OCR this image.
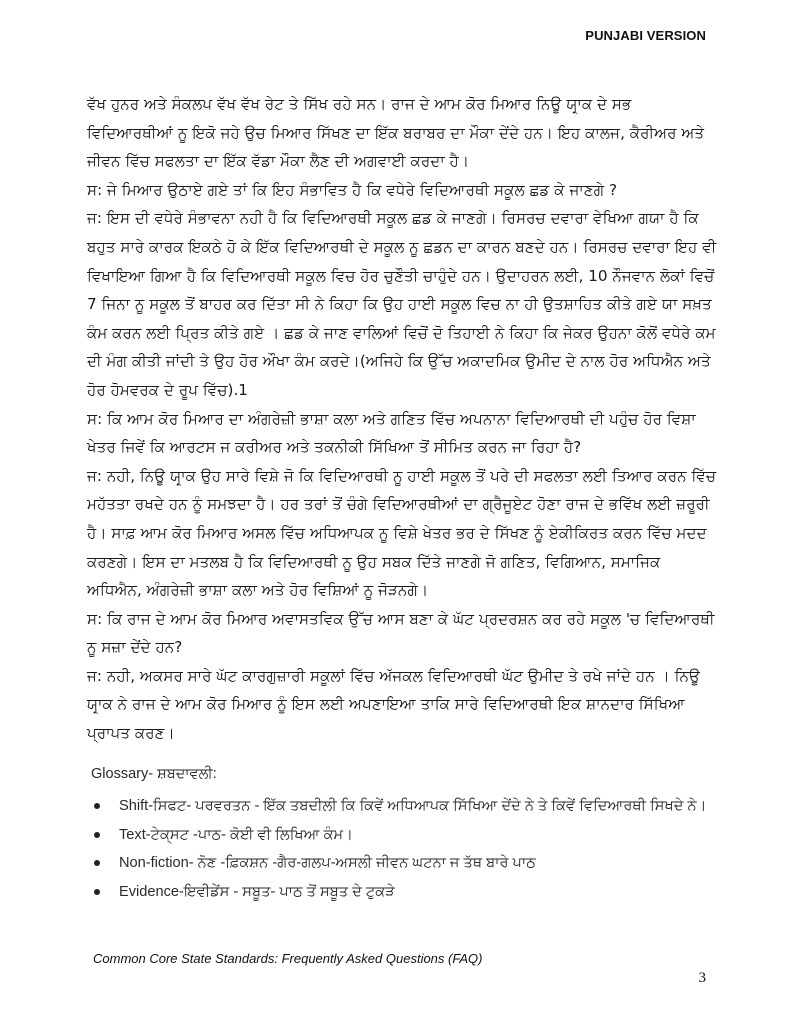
PUNJABI VERSION

ਵੱਖ ਹੁਨਰ ਅਤੇ ਸੰਕਲਪ ਵੱਖ ਵੱਖ ਰੇਟ ਤੇ ਸਿੱਖ ਰਹੇ ਸਨ। ਰਾਜ ਦੇ ਆਮ ਕੋਰ ਮਿਆਰ ਨਿਊ ਯਾਰ੍ਕ ਦੇ ਸਭ ਵਿਦਿਆਰਥੀਆਂ ਨੂ ਇਕੋ ਜਹੇ ਉਚ ਮਿਆਰ ਸਿੱਖਣ ਦਾ ਇੱਕ ਬਰਾਬਰ ਦਾ ਮੌਕਾ ਦੇਂਦੇ ਹਨ। ਇਹ ਕਾਲਜ, ਕੈਰੀਅਰ ਅਤੇ ਜੀਵਨ ਵਿੱਚ ਸਫਲਤਾ ਦਾ ਇੱਕ ਵੱਡਾ ਮੌਕਾ ਲੈਣ ਦੀ ਅਗਵਾਈ ਕਰਦਾ ਹੈ।

ਸ: ਜੇ ਮਿਆਰ ਉਠਾਏ ਗਏ ਤਾਂ ਕਿ ਇਹ ਸੰਭਾਵਿਤ ਹੈ ਕਿ ਵਧੇਰੇ ਵਿਦਿਆਰਥੀ ਸਕੂਲ ਛਡ ਕੇ ਜਾਣਗੇ ?

ਜ: ਇਸ ਦੀ ਵਧੇਰੇ ਸੰਭਾਵਨਾ ਨਹੀ ਹੈ ਕਿ ਵਿਦਿਆਰਥੀ ਸਕੂਲ ਛਡ ਕੇ ਜਾਣਗੇ। ਰਿਸਰਚ ਦਵਾਰਾ ਵੇਖਿਆ ਗਯਾ ਹੈ ਕਿ ਬਹੁਤ ਸਾਰੇ ਕਾਰਕ ਇਕਠੇ ਹੋ ਕੇ ਇੱਕ ਵਿਦਿਆਰਥੀ ਦੇ ਸਕੂਲ ਨੂ ਛਡਨ ਦਾ ਕਾਰਨ ਬਣਦੇ ਹਨ। ਰਿਸਰਚ ਦਵਾਰਾ ਇਹ ਵੀ ਵਿਖਾਇਆ ਗਿਆ ਹੈ ਕਿ ਵਿਦਿਆਰਥੀ ਸਕੂਲ ਵਿਚ ਹੋਰ ਚੁਣੌਤੀ ਚਾਹੁੰਦੇ ਹਨ। ਉਦਾਹਰਨ ਲਈ, 10 ਨੌਜਵਾਨ ਲੋਕਾਂ ਵਿਚੋਂ 7 ਜਿਨਾ ਨੂ ਸਕੂਲ ਤੋਂ ਬਾਹਰ ਕਰ ਦਿੱਤਾ ਸੀ ਨੇ ਕਿਹਾ ਕਿ ਉਹ ਹਾਈ ਸਕੂਲ ਵਿਚ ਨਾ ਹੀ ਉਤਸ਼ਾਹਿਤ ਕੀਤੇ ਗਏ ਯਾ ਸਖ਼ਤ ਕੰਮ ਕਰਨ ਲਈ ਪ੍ਰਿਤ ਕੀਤੇ ਗਏ । ਛਡ ਕੇ ਜਾਣ ਵਾਲਿਆਂ ਵਿਚੋਂ ਦੋ ਤਿਹਾਈ ਨੇ ਕਿਹਾ ਕਿ ਜੇਕਰ ਉਹਨਾ ਕੋਲੋਂ ਵਧੇਰੇ ਕਮ ਦੀ ਮੰਗ ਕੀਤੀ ਜਾਂਦੀ ਤੇ ਉਹ ਹੋਰ ਔਖਾ ਕੰਮ ਕਰਦੇ।(ਅਜਿਹੇ ਕਿ ਉੱਚ ਅਕਾਦਮਿਕ ਉਮੀਦ ਦੇ ਨਾਲ ਹੋਰ ਅਧਿਐਨ ਅਤੇ ਹੋਰ ਹੋਮਵਰਕ ਦੇ ਰੂਪ ਵਿੱਚ).1

ਸ: ਕਿ ਆਮ ਕੋਰ ਮਿਆਰ ਦਾ ਅੰਗਰੇਜ਼ੀ ਭਾਸ਼ਾ ਕਲਾ ਅਤੇ ਗਣਿਤ ਵਿੱਚ ਅਪਨਾਨਾ ਵਿਦਿਆਰਥੀ ਦੀ ਪਹੁੰਚ ਹੋਰ ਵਿਸ਼ਾ ਖੇਤਰ ਜਿਵੇਂ ਕਿ ਆਰਟਸ ਜ ਕਰੀਅਰ ਅਤੇ ਤਕਨੀਕੀ ਸਿੱਖਿਆ ਤੋਂ ਸੀਮਿਤ ਕਰਨ ਜਾ ਰਿਹਾ ਹੈ?

ਜ: ਨਹੀ, ਨਿਊ ਯਾਰ੍ਕ ਉਹ ਸਾਰੇ ਵਿਸ਼ੇ ਜੋ ਕਿ ਵਿਦਿਆਰਥੀ ਨੂ ਹਾਈ ਸਕੂਲ ਤੋਂ ਪਰੇ ਦੀ ਸਫਲਤਾ ਲਈ ਤਿਆਰ ਕਰਨ ਵਿੱਚ ਮਹੱਤਤਾ ਰਖਦੇ ਹਨ ਨੂੰ ਸਮਝਦਾ ਹੈ। ਹਰ ਤਰਾਂ ਤੋਂ ਚੰਗੇ ਵਿਦਿਆਰਥੀਆਂ ਦਾ ਗ੍ਰੈਜੂਏਟ ਹੋਣਾ ਰਾਜ ਦੇ ਭਵਿੱਖ ਲਈ ਜ਼ਰੂਰੀ ਹੈ। ਸਾਫ਼ ਆਮ ਕੋਰ ਮਿਆਰ ਅਸਲ ਵਿੱਚ ਅਧਿਆਪਕ ਨੂ ਵਿਸ਼ੇ ਖੇਤਰ ਭਰ ਦੇ ਸਿੱਖਣ ਨੂੰ ਏਕੀਕਿਰਤ ਕਰਨ ਵਿੱਚ ਮਦਦ ਕਰਣਗੇ। ਇਸ ਦਾ ਮਤਲਬ ਹੈ ਕਿ ਵਿਦਿਆਰਥੀ ਨੂ ਉਹ ਸਬਕ ਦਿੱਤੇ ਜਾਣਗੇ ਜੋ ਗਣਿਤ, ਵਿਗਿਆਨ, ਸਮਾਜਿਕ ਅਧਿਐਨ, ਅੰਗਰੇਜ਼ੀ ਭਾਸ਼ਾ ਕਲਾ ਅਤੇ ਹੋਰ ਵਿਸ਼ਿਆਂ ਨੂ ਜੋੜਨਗੇ।

ਸ: ਕਿ ਰਾਜ ਦੇ ਆਮ ਕੋਰ ਮਿਆਰ ਅਵਾਸਤਵਿਕ ਉੱਚ ਆਸ ਬਣਾ ਕੇ ਘੱਟ ਪ੍ਰਦਰਸ਼ਨ ਕਰ ਰਹੇ ਸਕੂਲ 'ਚ ਵਿਦਿਆਰਥੀ ਨੂ ਸਜ਼ਾ ਦੇਂਦੇ ਹਨ?

ਜ: ਨਹੀ, ਅਕਸਰ ਸਾਰੇ ਘੱਟ ਕਾਰਗੁਜ਼ਾਰੀ ਸਕੂਲਾਂ ਵਿੱਚ ਅੱਜਕਲ ਵਿਦਿਆਰਥੀ ਘੱਟ ਉਮੀਦ ਤੇ ਰਖੇ ਜਾਂਦੇ ਹਨ । ਨਿਊ ਯਾਰ੍ਕ ਨੇ ਰਾਜ ਦੇ ਆਮ ਕੋਰ ਮਿਆਰ ਨੂੰ ਇਸ ਲਈ ਅਪਣਾਇਆ ਤਾਕਿ ਸਾਰੇ ਵਿਦਿਆਰਥੀ ਇਕ ਸ਼ਾਨਦਾਰ ਸਿੱਖਿਆ ਪ੍ਰਾਪਤ ਕਰਣ।

Glossary- ਸ਼ਬਦਾਵਲੀ:

Shift-ਸਿਫਟ- ਪਰਵਰਤਨ - ਇੱਕ ਤਬਦੀਲੀ ਕਿ ਕਿਵੇਂ ਅਧਿਆਪਕ ਸਿੱਖਿਆ ਦੇਂਦੇ ਨੇ ਤੇ ਕਿਵੇਂ ਵਿਦਿਆਰਥੀ ਸਿਖਦੇ ਨੇ।
Text-ਟੇਕ੍ਸਟ -ਪਾਠ- ਕੋਈ ਵੀ ਲਿਖਿਆ ਕੰਮ।
Non-fiction- ਨੋਣ -ਫ਼ਿਕਸ਼ਨ -ਗੈਰ-ਗਲਪ-ਅਸਲੀ ਜੀਵਨ ਘਟਨਾ ਜ ਤੱਥ ਬਾਰੇ ਪਾਠ
Evidence-ਇਵੀਡੇਂਸ - ਸਬੂਤ- ਪਾਠ ਤੋਂ ਸਬੂਤ ਦੇ ਟੁਕੜੇ
Common Core State Standards: Frequently Asked Questions (FAQ)
3
